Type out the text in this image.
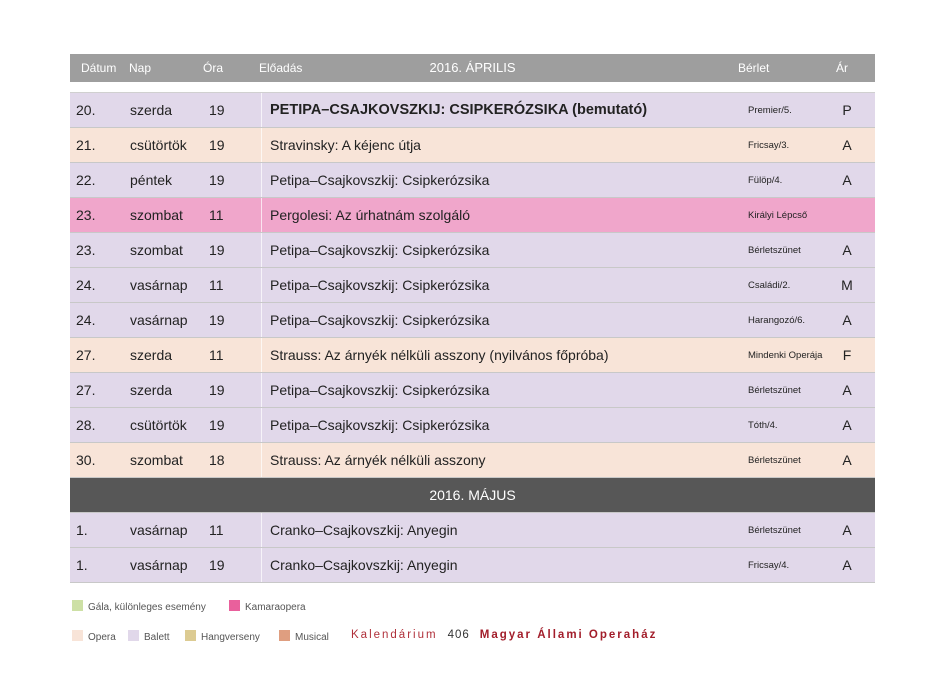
2016. ÁPRILIS
Dátum Nap	Óra	Előadás	Bérlet	Ár
20. szerda	19	PETIPA–CSAJKOVSZKIJ: CSIPKERÓZSIKA (bemutató)	Premier/5.	P
21. csütörtök 19	Stravinsky: A kéjenc útja	Fricsay/3.	A
22. péntek	19	Petipa–Csajkovszkij: Csipkerózsika	Fülöp/4.	A
23. szombat 11	Pergolesi: Az úrhatnám szolgáló	Királyi Lépcső
23. szombat 19	Petipa–Csajkovszkij: Csipkerózsika	Bérletszünet	A
24. vasárnap 11	Petipa–Csajkovszkij: Csipkerózsika	Családi/2.	M
24. vasárnap 19	Petipa–Csajkovszkij: Csipkerózsika	Harangozó/6.	A
27. szerda	11	Strauss: Az árnyék nélküli asszony (nyilvános főpróba)	Mindenki Operája	F
27. szerda	19	Petipa–Csajkovszkij: Csipkerózsika	Bérletszünet	A
28. csütörtök 19	Petipa–Csajkovszkij: Csipkerózsika	Tóth/4.	A
30. szombat 18	Strauss: Az árnyék nélküli asszony	Bérletszünet	A
2016. MÁJUS
1.	vasárnap 11	Cranko–Csajkovszkij: Anyegin	Bérletszünet	A
1.	vasárnap 19	Cranko–Csajkovszkij: Anyegin	Fricsay/4.	A
Gála, különleges esemény	Kamaraopera
Opera	Balett	Hangverseny	Musical Kalendárium 406 Magyar Állami Operaház
